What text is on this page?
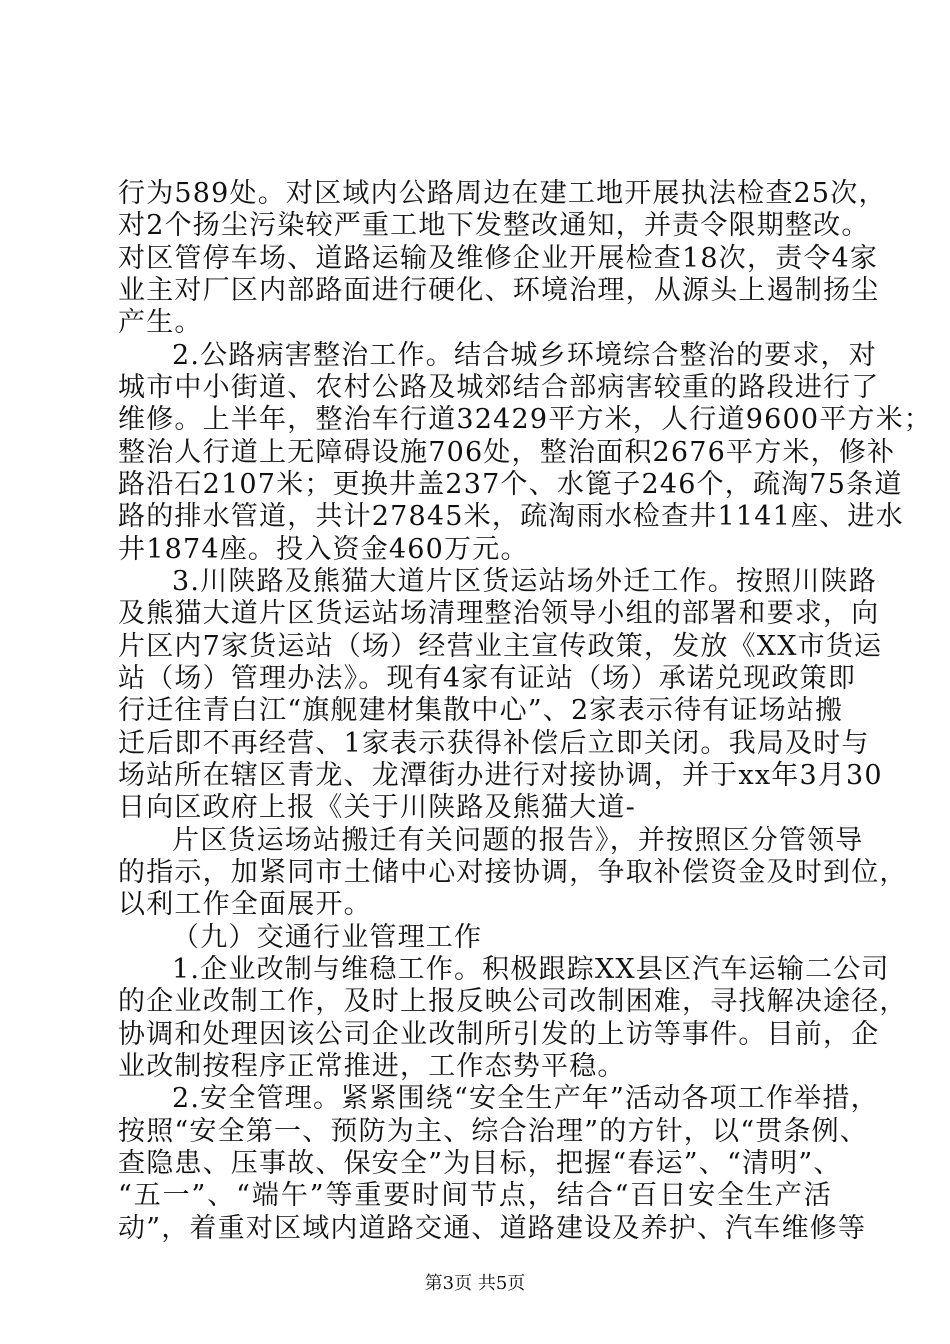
行为589处。对区域内公路周边在建工地开展执法检查25次，
对2个扬尘污染较严重工地下发整改通知，并责令限期整改。
对区管停车场、道路运输及维修企业开展检查18次，责令4家
业主对厂区内部路面进行硬化、环境治理，从源头上遏制扬尘
产生。
2.公路病害整治工作。结合城乡环境综合整治的要求，对
城市中小街道、农村公路及城郊结合部病害较重的路段进行了
维修。上半年，整治车行道32429平方米，人行道9600平方米；
整治人行道上无障碍设施706处，整治面积2676平方米，修补
路沿石2107米；更换井盖237个、水篦子246个，疏淘75条道
路的排水管道，共计27845米，疏淘雨水检查井1141座、进水
井1874座。投入资金460万元。
3.川陕路及熊猫大道片区货运站场外迁工作。按照川陕路
及熊猫大道片区货运站场清理整治领导小组的部署和要求，向
片区内7家货运站（场）经营业主宣传政策，发放《XX市货运
站（场）管理办法》。现有4家有证站（场）承诺兑现政策即
行迁往青白江“旗舰建材集散中心”、2家表示待有证场站搬
迁后即不再经营、1家表示获得补偿后立即关闭。我局及时与
场站所在辖区青龙、龙潭街办进行对接协调，并于xx年3月30
日向区政府上报《关于川陕路及熊猫大道-
片区货运场站搬迁有关问题的报告》，并按照区分管领导
的指示，加紧同市土储中心对接协调，争取补偿资金及时到位，
以利工作全面展开。
（九）交通行业管理工作
1.企业改制与维稳工作。积极跟踪XX县区汽车运输二公司
的企业改制工作，及时上报反映公司改制困难，寻找解决途径，
协调和处理因该公司企业改制所引发的上访等事件。目前，企
业改制按程序正常推进，工作态势平稳。
2.安全管理。紧紧围绕“安全生产年”活动各项工作举措，
按照“安全第一、预防为主、综合治理”的方针，以“贯条例、
查隐患、压事故、保安全”为目标，把握“春运”、“清明”、
“五一”、“端午”等重要时间节点，结合“百日安全生产活
动”，着重对区域内道路交通、道路建设及养护、汽车维修等
第3页 共5页
